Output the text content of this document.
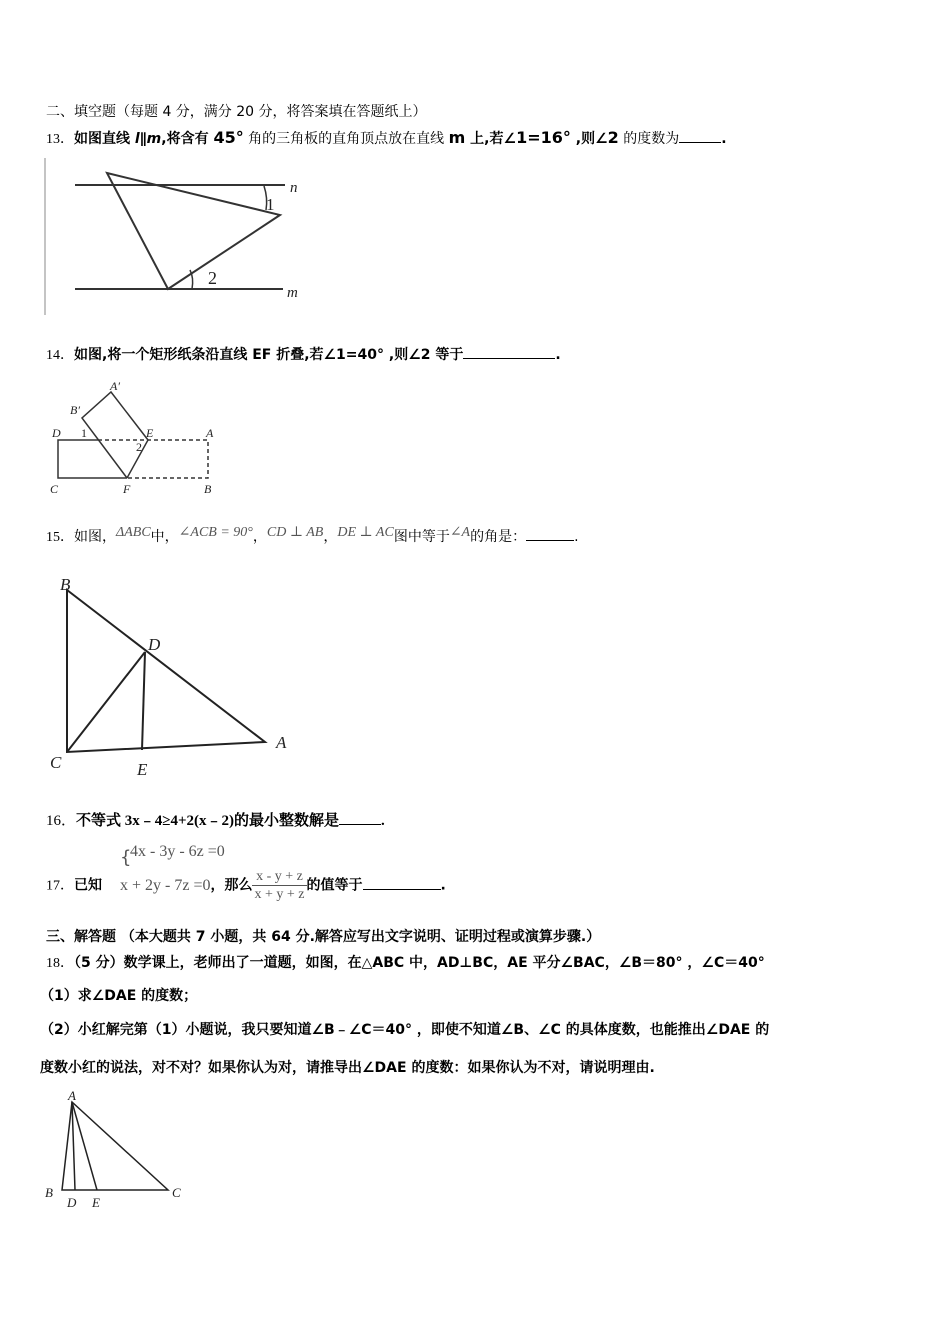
二、填空题（每题 4 分，满分 20 分，将答案填在答题纸上）
13．如图直线 l∥m,将含有 45° 角的三角板的直角顶点放在直线 m 上,若∠1=16° ,则∠2 的度数为	.
14．如图,将一个矩形纸条沿直线 EF 折叠,若∠1=40° ,则∠2 等于	.
15．如图，ΔABC中，∠ACB = 90°，CD ⊥ AB，DE ⊥ AC图中等于∠A的角是：	.
16．不等式 3x﹣4≥4+2(x﹣2)的最小整数解是	.
{
4x - 3y - 6z =0
17．已知 x + 2y - 7z =0，那么 $\frac{x - y + z}{x + y + z}$ 的值等于	.
三、解答题 （本大题共 7 小题，共 64 分.解答应写出文字说明、证明过程或演算步骤.）
18．（5 分）数学课上，老师出了一道题，如图，在△ABC 中，AD⊥BC，AE 平分∠BAC，∠B＝80° ，∠C＝40°
（1）求∠DAE 的度数；
（2）小红解完第（1）小题说，我只要知道∠B﹣∠C＝40° ，即使不知道∠B、∠C 的具体度数，也能推出∠DAE 的
度数小红的说法，对不对？如果你认为对，请推导出∠DAE 的度数：如果你认为不对，请说明理由.
n
m
1
2
A′
B′
D 1	E
2
A
C	F	B
B
D
C	E
A
A
B
D E
C
